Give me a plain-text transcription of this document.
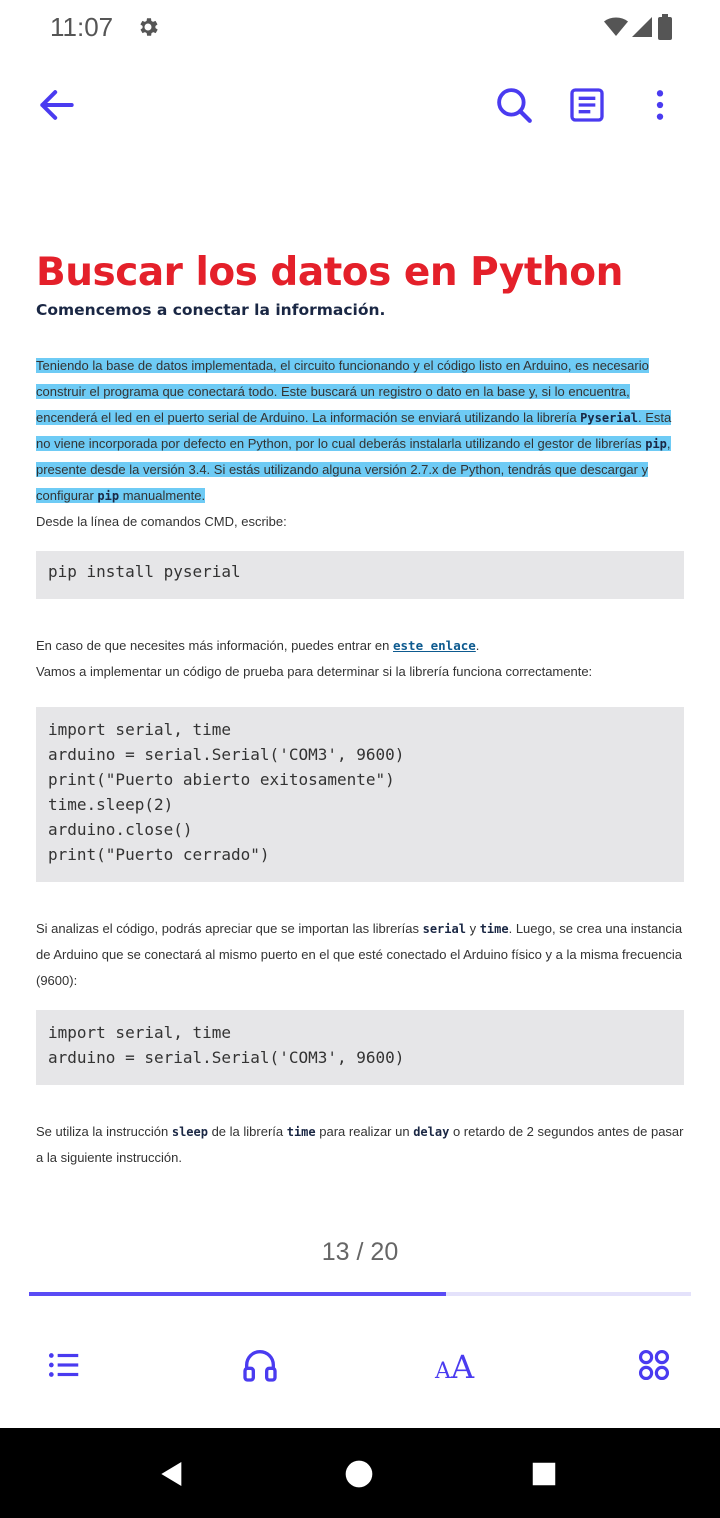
11:07
Buscar los datos en Python

Comencemos a conectar la información.

Teniendo la base de datos implementada, el circuito funcionando y el código listo en Arduino, es necesario construir el programa que conectará todo. Este buscará un registro o dato en la base y, si lo encuentra, encenderá el led en el puerto serial de Arduino. La información se enviará utilizando la librería Pyserial. Esta no viene incorporada por defecto en Python, por lo cual deberás instalarla utilizando el gestor de librerías pip, presente desde la versión 3.4. Si estás utilizando alguna versión 2.7.x de Python, tendrás que descargar y configurar pip manualmente.

Desde la línea de comandos CMD, escribe:

pip install pyserial

En caso de que necesites más información, puedes entrar en este enlace.
Vamos a implementar un código de prueba para determinar si la librería funciona correctamente:

import serial, time
arduino = serial.Serial('COM3', 9600)
print("Puerto abierto exitosamente")
time.sleep(2)
arduino.close()
print("Puerto cerrado")

Si analizas el código, podrás apreciar que se importan las librerías serial y time. Luego, se crea una instancia de Arduino que se conectará al mismo puerto en el que esté conectado el Arduino físico y a la misma frecuencia (9600):

import serial, time
arduino = serial.Serial('COM3', 9600)

Se utiliza la instrucción sleep de la librería time para realizar un delay o retardo de 2 segundos antes de pasar a la siguiente instrucción.

13 / 20
A A
